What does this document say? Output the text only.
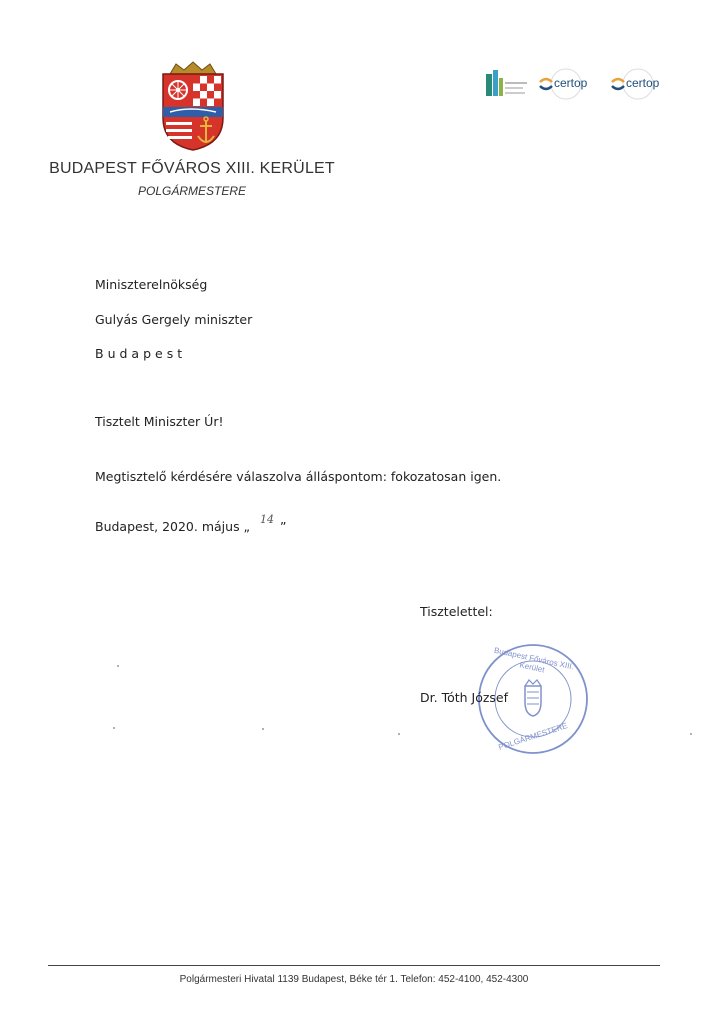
BUDAPEST FŐVÁROS XIII. KERÜLET
POLGÁRMESTERE
certop	certop
Miniszterelnökség
Gulyás Gergely miniszter
Budapest
Tisztelt Miniszter Úr!
Megtisztelő kérdésére válaszolva álláspontom: fokozatosan igen.
Budapest, 2020. május „ 14 ”
Tisztelettel:
Budapest Főváros XIII. Kerület
POLGÁRMESTERE
Dr. Tóth József
Polgármesteri Hivatal 1139 Budapest, Béke tér 1. Telefon: 452-4100, 452-4300
